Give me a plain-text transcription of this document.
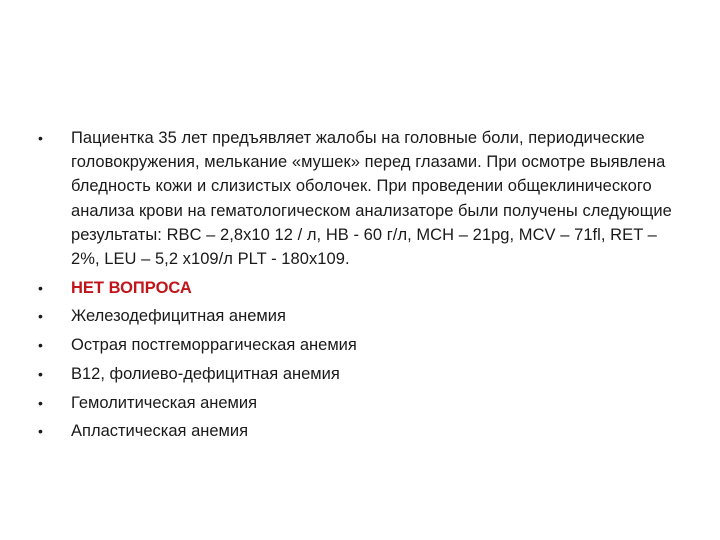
•	Пациентка 35 лет предъявляет жалобы на головные боли, периодические головокружения, мелькание «мушек» перед глазами. При осмотре выявлена бледность кожи и слизистых оболочек. При проведении общеклинического анализа крови на гематологическом анализаторе были получены следующие результаты: RBC – 2,8х10 12 / л, HB - 60 г/л, MCH – 21pg, MCV – 71fl, RET – 2%, LEU – 5,2 х109/л PLT - 180х109.
•	НЕТ ВОПРОСА
•	Железодефицитная анемия
•	Острая постгеморрагическая анемия
•	В12, фолиево-дефицитная анемия
•	Гемолитическая анемия
•	Апластическая анемия
